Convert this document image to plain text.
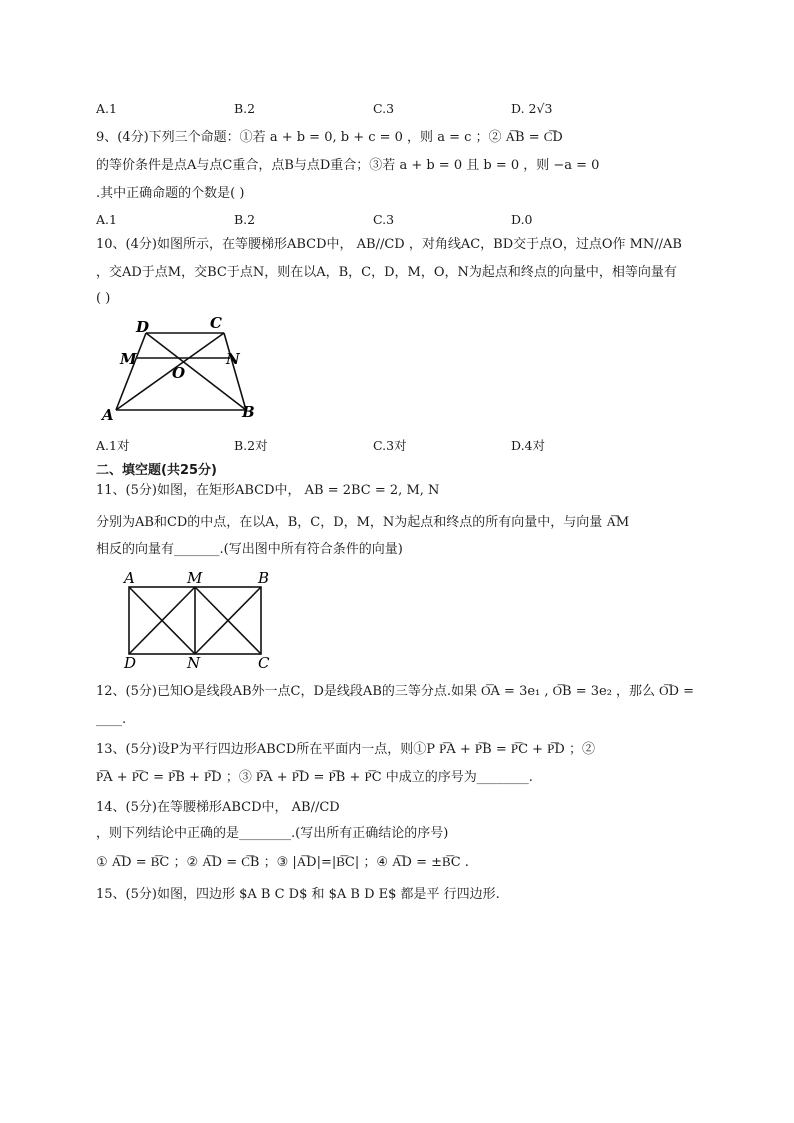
A.1	B.2	C.3	D. 2√3
9、(4分)下列三个命题：①若 a + b = 0, b + c = 0 ，则 a = c ；② A͞B = C͞D
的等价条件是点A与点C重合，点B与点D重合；③若 a + b = 0 且 b = 0 ，则 −a = 0
.其中正确命题的个数是( )
A.1	B.2	C.3	D.0
10、(4分)如图所示，在等腰梯形ABCD中， AB//CD ，对角线AC，BD交于点O，过点O作 MN//AB
，交AD于点M，交BC于点N，则在以A，B，C，D，M，O，N为起点和终点的向量中，相等向量有
( )
D	C
M	N
O
A	B
A.1对	B.2对	C.3对	D.4对
二、填空题(共25分)
11、(5分)如图，在矩形ABCD中， AB = 2BC = 2, M, N
分别为AB和CD的中点，在以A，B，C，D，M，N为起点和终点的所有向量中，与向量 A͞M
相反的向量有_______.(写出图中所有符合条件的向量)
A	M	B
D	N	C
12、(5分)已知O是线段AB外一点C，D是线段AB的三等分点.如果 O͞A = 3e₁ , O͞B = 3e₂ ，那么 O͞D =
____.
13、(5分)设P为平行四边形ABCD所在平面内一点，则①P P͞A + P͞B = P͞C + P͞D ；②
P͞A + P͞C = P͞B + P͞D ；③ P͞A + P͞D = P͞B + P͞C 中成立的序号为________.
14、(5分)在等腰梯形ABCD中， AB//CD
，则下列结论中正确的是________.(写出所有正确结论的序号)
① A͞D = B͞C ；② A͞D = C͞B ；③ |A͞D|=|B͞C| ；④ A͞D = ±B͞C .
15、(5分)如图，四边形 $A B C D$ 和 $A B D E$ 都是平 行四边形.
